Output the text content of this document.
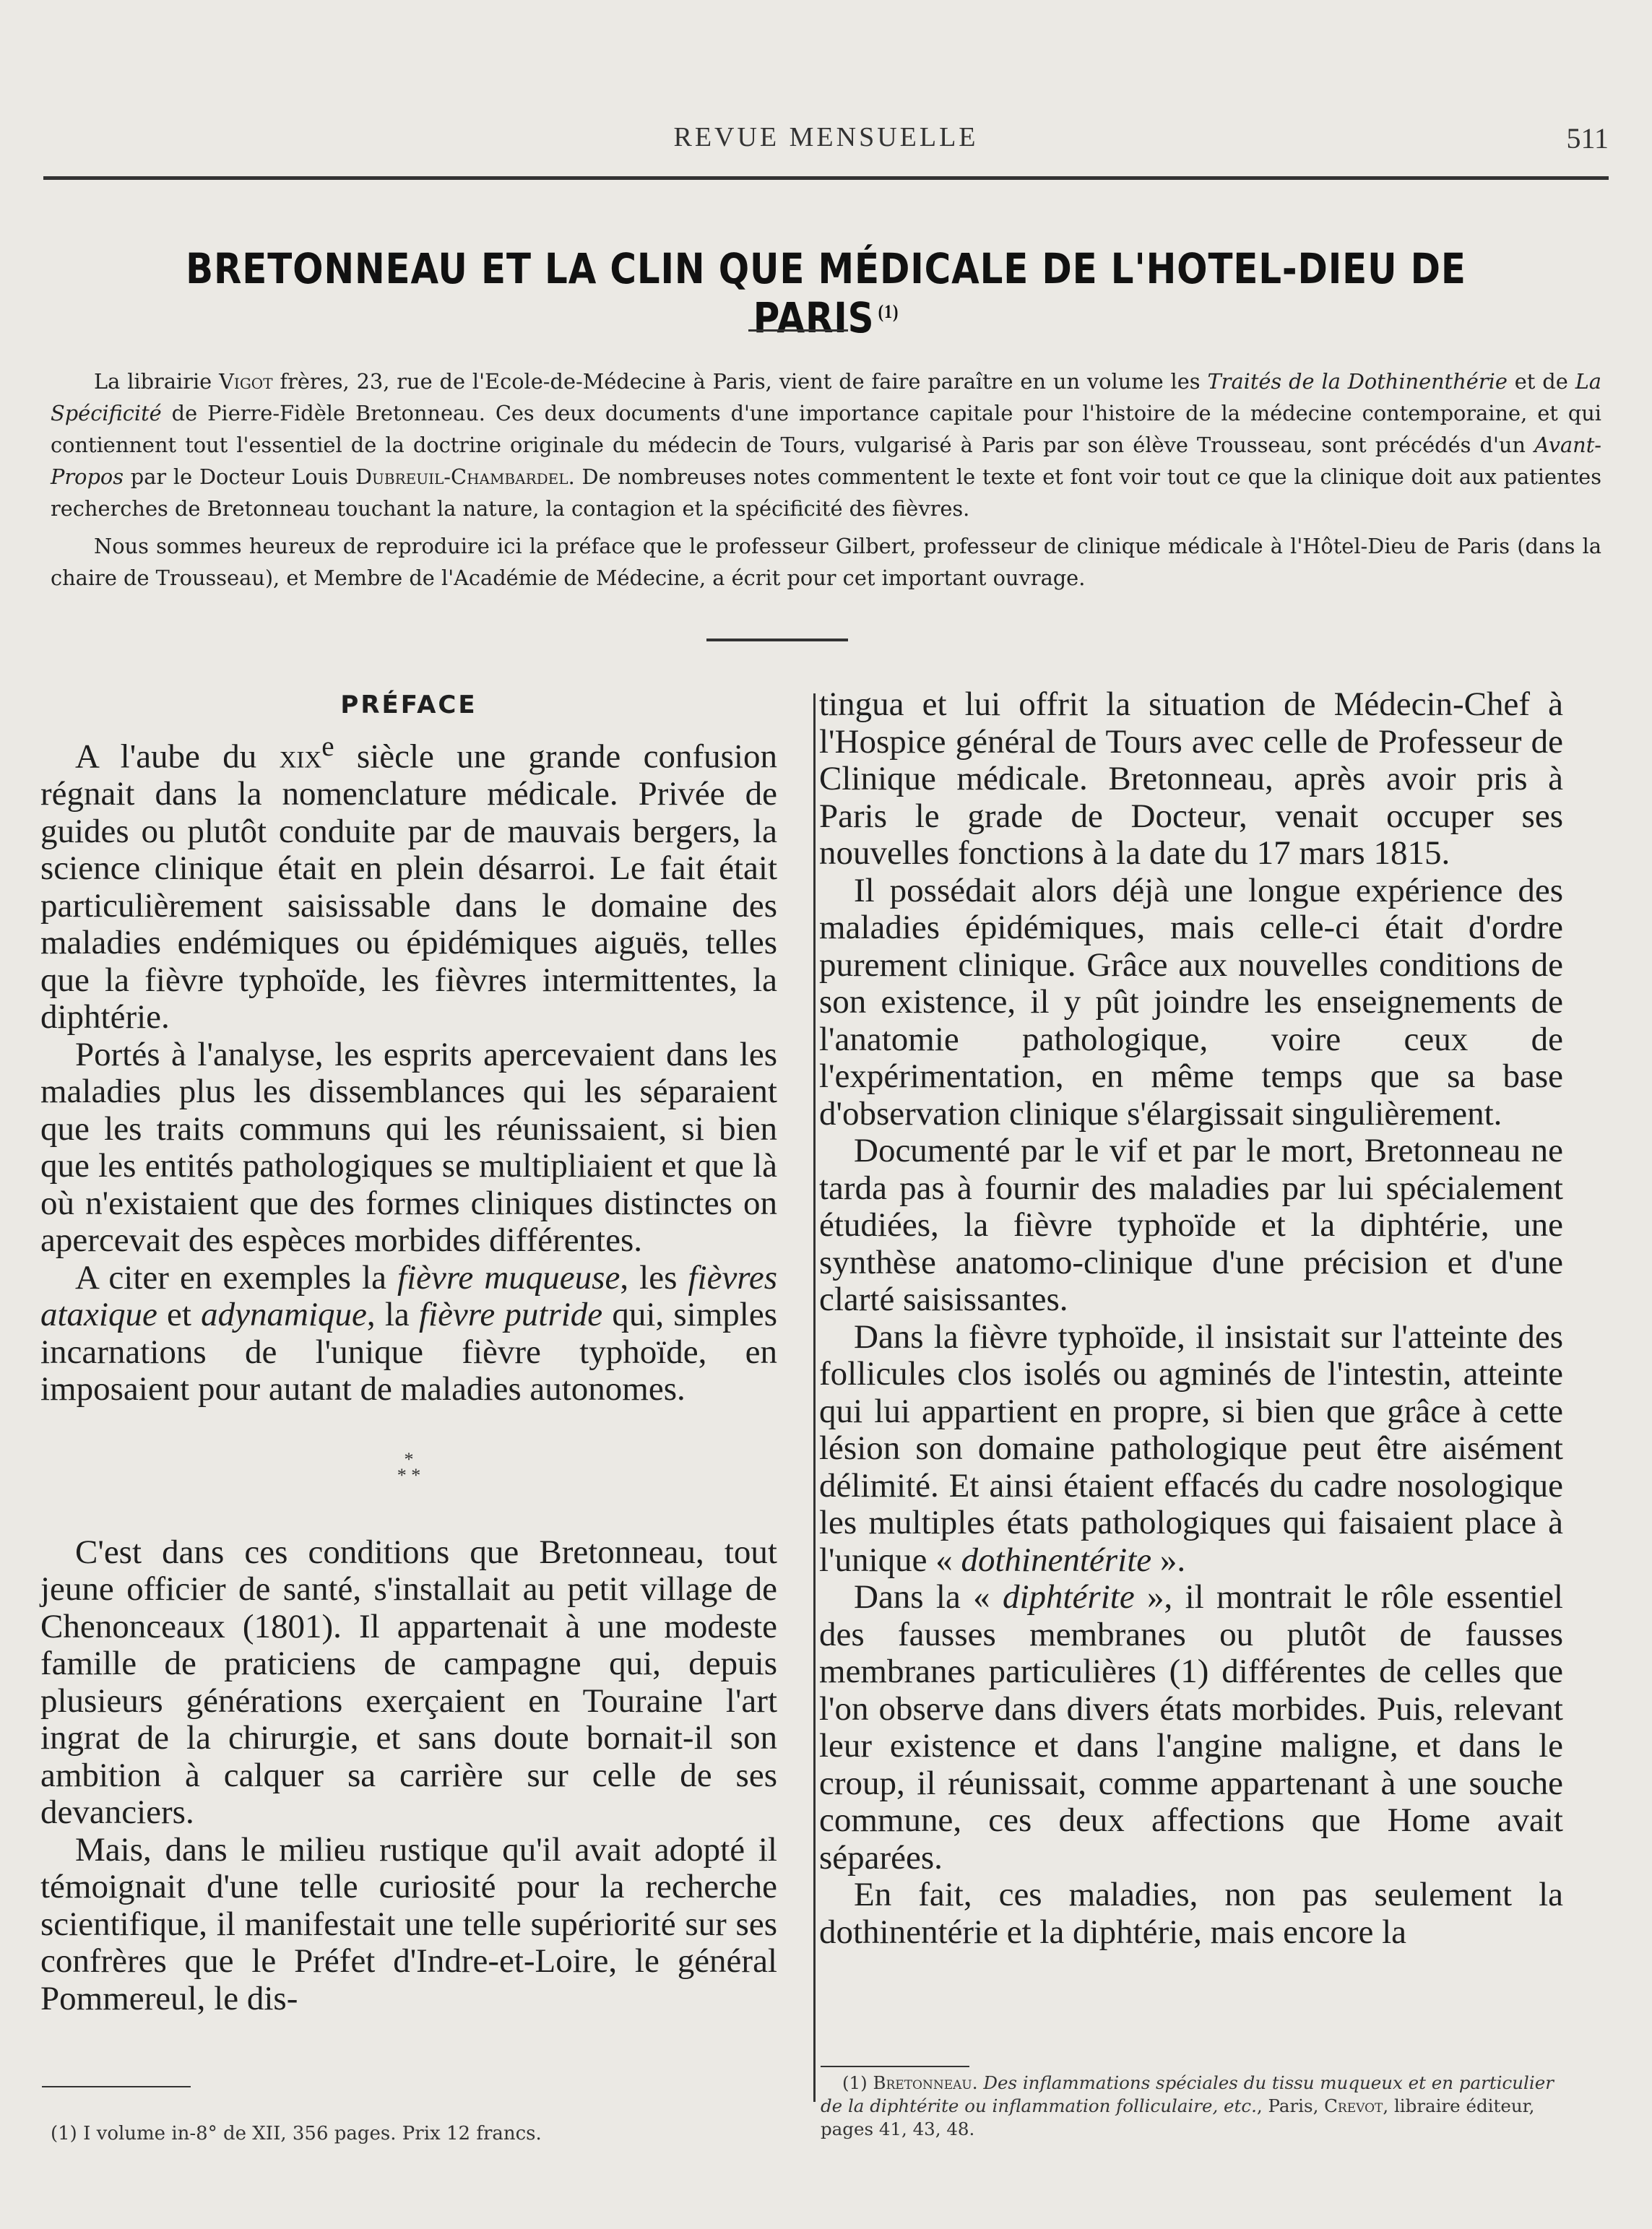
REVUE MENSUELLE	511
BRETONNEAU ET LA CLIN QUE MÉDICALE DE L'HOTEL-DIEU DE PARIS $^{(1)}$

La librairie Vigot frères, 23, rue de l'Ecole-de-Médecine à Paris, vient de faire paraître en un volume les Traités de la Dothinenthérie et de La Spécificité de Pierre-Fidèle Bretonneau. Ces deux documents d'une importance capitale pour l'histoire de la médecine contemporaine, et qui contiennent tout l'essentiel de la doctrine originale du médecin de Tours, vulgarisé à Paris par son élève Trousseau, sont précédés d'un Avant-Propos par le Docteur Louis Dubreuil-Chambardel. De nombreuses notes commentent le texte et font voir tout ce que la clinique doit aux patientes recherches de Bretonneau touchant la nature, la contagion et la spécificité des fièvres.

Nous sommes heureux de reproduire ici la préface que le professeur Gilbert, professeur de clinique médicale à l'Hôtel-Dieu de Paris (dans la chaire de Trousseau), et Membre de l'Académie de Médecine, a écrit pour cet important ouvrage.

PRÉFACE

A l'aube du xix$^e$ siècle une grande confusion régnait dans la nomenclature médicale. Privée de guides ou plutôt conduite par de mauvais bergers, la science clinique était en plein désarroi. Le fait était particulièrement saisissable dans le domaine des maladies endémiques ou épidémiques aiguës, telles que la fièvre typhoïde, les fièvres intermittentes, la diphtérie.

Portés à l'analyse, les esprits apercevaient dans les maladies plus les dissemblances qui les séparaient que les traits communs qui les réunissaient, si bien que les entités pathologiques se multipliaient et que là où n'existaient que des formes cliniques distinctes on apercevait des espèces morbides différentes.

A citer en exemples la fièvre muqueuse, les fièvres ataxique et adynamique, la fièvre putride qui, simples incarnations de l'unique fièvre typhoïde, en imposaient pour autant de maladies autonomes.

*
* *

C'est dans ces conditions que Bretonneau, tout jeune officier de santé, s'installait au petit village de Chenonceaux (1801). Il appartenait à une modeste famille de praticiens de campagne qui, depuis plusieurs générations exerçaient en Touraine l'art ingrat de la chirurgie, et sans doute bornait-il son ambition à calquer sa carrière sur celle de ses devanciers.

Mais, dans le milieu rustique qu'il avait adopté il témoignait d'une telle curiosité pour la recherche scientifique, il manifestait une telle supériorité sur ses confrères que le Préfet d'Indre-et-Loire, le général Pommereul, le dis-

tingua et lui offrit la situation de Médecin-Chef à l'Hospice général de Tours avec celle de Professeur de Clinique médicale. Bretonneau, après avoir pris à Paris le grade de Docteur, venait occuper ses nouvelles fonctions à la date du 17 mars 1815.

Il possédait alors déjà une longue expérience des maladies épidémiques, mais celle-ci était d'ordre purement clinique. Grâce aux nouvelles conditions de son existence, il y pût joindre les enseignements de l'anatomie pathologique, voire ceux de l'expérimentation, en même temps que sa base d'observation clinique s'élargissait singulièrement.

Documenté par le vif et par le mort, Bretonneau ne tarda pas à fournir des maladies par lui spécialement étudiées, la fièvre typhoïde et la diphtérie, une synthèse anatomo-clinique d'une précision et d'une clarté saisissantes.

Dans la fièvre typhoïde, il insistait sur l'atteinte des follicules clos isolés ou agminés de l'intestin, atteinte qui lui appartient en propre, si bien que grâce à cette lésion son domaine pathologique peut être aisément délimité. Et ainsi étaient effacés du cadre nosologique les multiples états pathologiques qui faisaient place à l'unique « dothinentérite ».

Dans la « diphtérite », il montrait le rôle essentiel des fausses membranes ou plutôt de fausses membranes particulières (1) différentes de celles que l'on observe dans divers états morbides. Puis, relevant leur existence et dans l'angine maligne, et dans le croup, il réunissait, comme appartenant à une souche commune, ces deux affections que Home avait séparées.

En fait, ces maladies, non pas seulement la dothinentérie et la diphtérie, mais encore la

(1) I volume in-8° de XII, 356 pages. Prix 12 francs.
(1) Bretonneau. Des inflammations spéciales du tissu muqueux et en particulier de la diphtérite ou inflammation folliculaire, etc., Paris, Crevot, libraire éditeur, pages 41, 43, 48.
